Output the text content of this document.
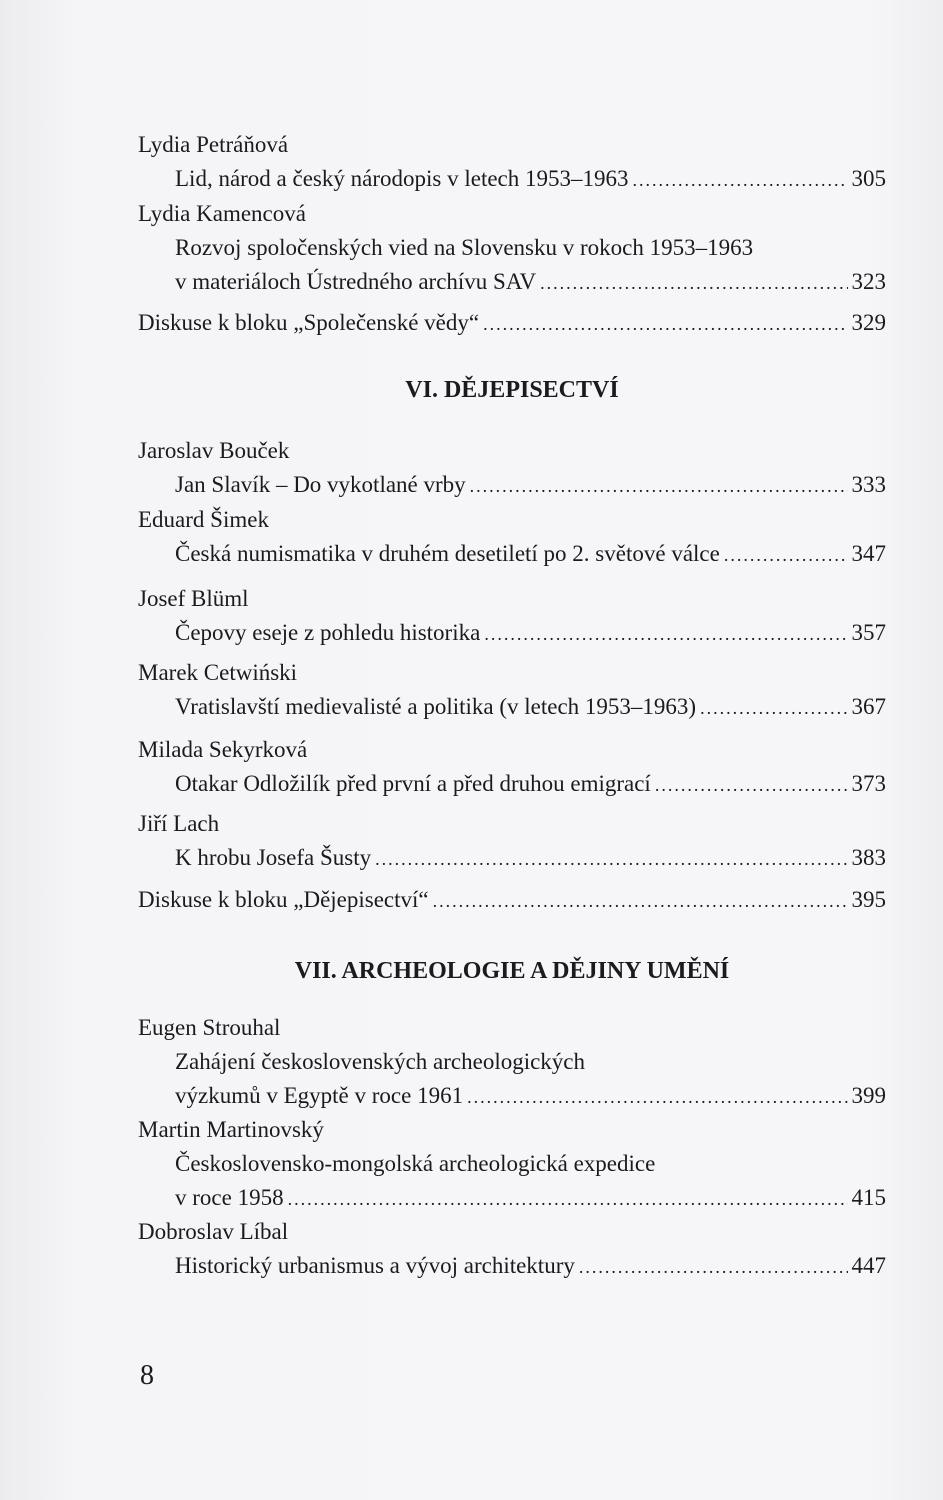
Lydia Petráňová
Lid, národ a český národopis v letech 1953–1963 .....	305
Lydia Kamencová
Rozvoj spoločenských vied na Slovensku v rokoch 1953–1963
v materiáloch Ústredného archívu SAV .....	323
Diskuse k bloku „Společenské vědy“ .....	329
VI. DĚJEPISECTVÍ
Jaroslav Bouček
Jan Slavík – Do vykotlané vrby .....	333
Eduard Šimek
Česká numismatika v druhém desetiletí po 2. světové válce .....	347
Josef Blüml
Čepovy eseje z pohledu historika .....	357
Marek Cetwiński
Vratislavští medievalisté a politika (v letech 1953–1963) .....	367
Milada Sekyrková
Otakar Odložilík před první a před druhou emigrací .....	373
Jiří Lach
K hrobu Josefa Šusty .....	383
Diskuse k bloku „Dějepisectví“ .....	395
VII. ARCHEOLOGIE A DĚJINY UMĚNÍ
Eugen Strouhal
Zahájení československých archeologických
výzkumů v Egyptě v roce 1961 .....	399
Martin Martinovský
Československo-mongolská archeologická expedice
v roce 1958 .....	415
Dobroslav Líbal
Historický urbanismus a vývoj architektury .....	447
8
